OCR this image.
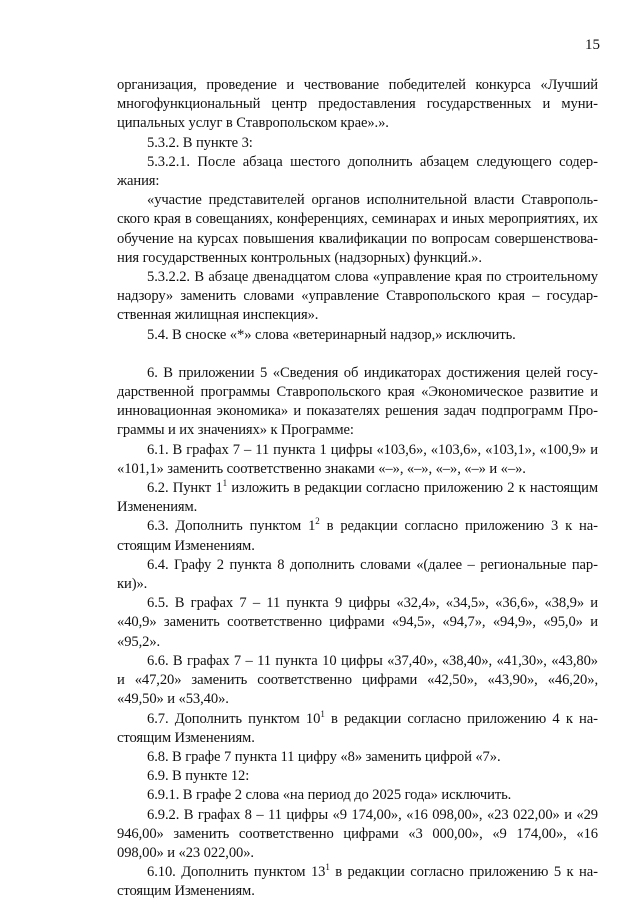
15

организация, проведение и чествование победителей конкурса «Лучший многофункциональный центр предоставления государственных и муниципальных услуг в Ставропольском крае».».

5.3.2. В пункте 3:

5.3.2.1. После абзаца шестого дополнить абзацем следующего содержания:

«участие представителей органов исполнительной власти Ставропольского края в совещаниях, конференциях, семинарах и иных мероприятиях, их обучение на курсах повышения квалификации по вопросам совершенствования государственных контрольных (надзорных) функций.».

5.3.2.2. В абзаце двенадцатом слова «управление края по строительному надзору» заменить словами «управление Ставропольского края – государственная жилищная инспекция».

5.4. В сноске «*» слова «ветеринарный надзор,» исключить.

6. В приложении 5 «Сведения об индикаторах достижения целей государственной программы Ставропольского края «Экономическое развитие и инновационная экономика» и показателях решения задач подпрограмм Программы и их значениях» к Программе:

6.1. В графах 7 – 11 пункта 1 цифры «103,6», «103,6», «103,1», «100,9» и «101,1» заменить соответственно знаками «–», «–», «–», «–» и «–».

6.2. Пункт $1^1$ изложить в редакции согласно приложению 2 к настоящим Изменениям.

6.3. Дополнить пунктом $1^2$ в редакции согласно приложению 3 к настоящим Изменениям.

6.4. Графу 2 пункта 8 дополнить словами «(далее – региональные парки)».

6.5. В графах 7 – 11 пункта 9 цифры «32,4», «34,5», «36,6», «38,9» и «40,9» заменить соответственно цифрами «94,5», «94,7», «94,9», «95,0» и «95,2».

6.6. В графах 7 – 11 пункта 10 цифры «37,40», «38,40», «41,30», «43,80» и «47,20» заменить соответственно цифрами «42,50», «43,90», «46,20», «49,50» и «53,40».

6.7. Дополнить пунктом $10^1$ в редакции согласно приложению 4 к настоящим Изменениям.

6.8. В графе 7 пункта 11 цифру «8» заменить цифрой «7».

6.9. В пункте 12:

6.9.1. В графе 2 слова «на период до 2025 года» исключить.

6.9.2. В графах 8 – 11 цифры «9 174,00», «16 098,00», «23 022,00» и «29 946,00» заменить соответственно цифрами «3 000,00», «9 174,00», «16 098,00» и «23 022,00».

6.10. Дополнить пунктом $13^1$ в редакции согласно приложению 5 к настоящим Изменениям.
